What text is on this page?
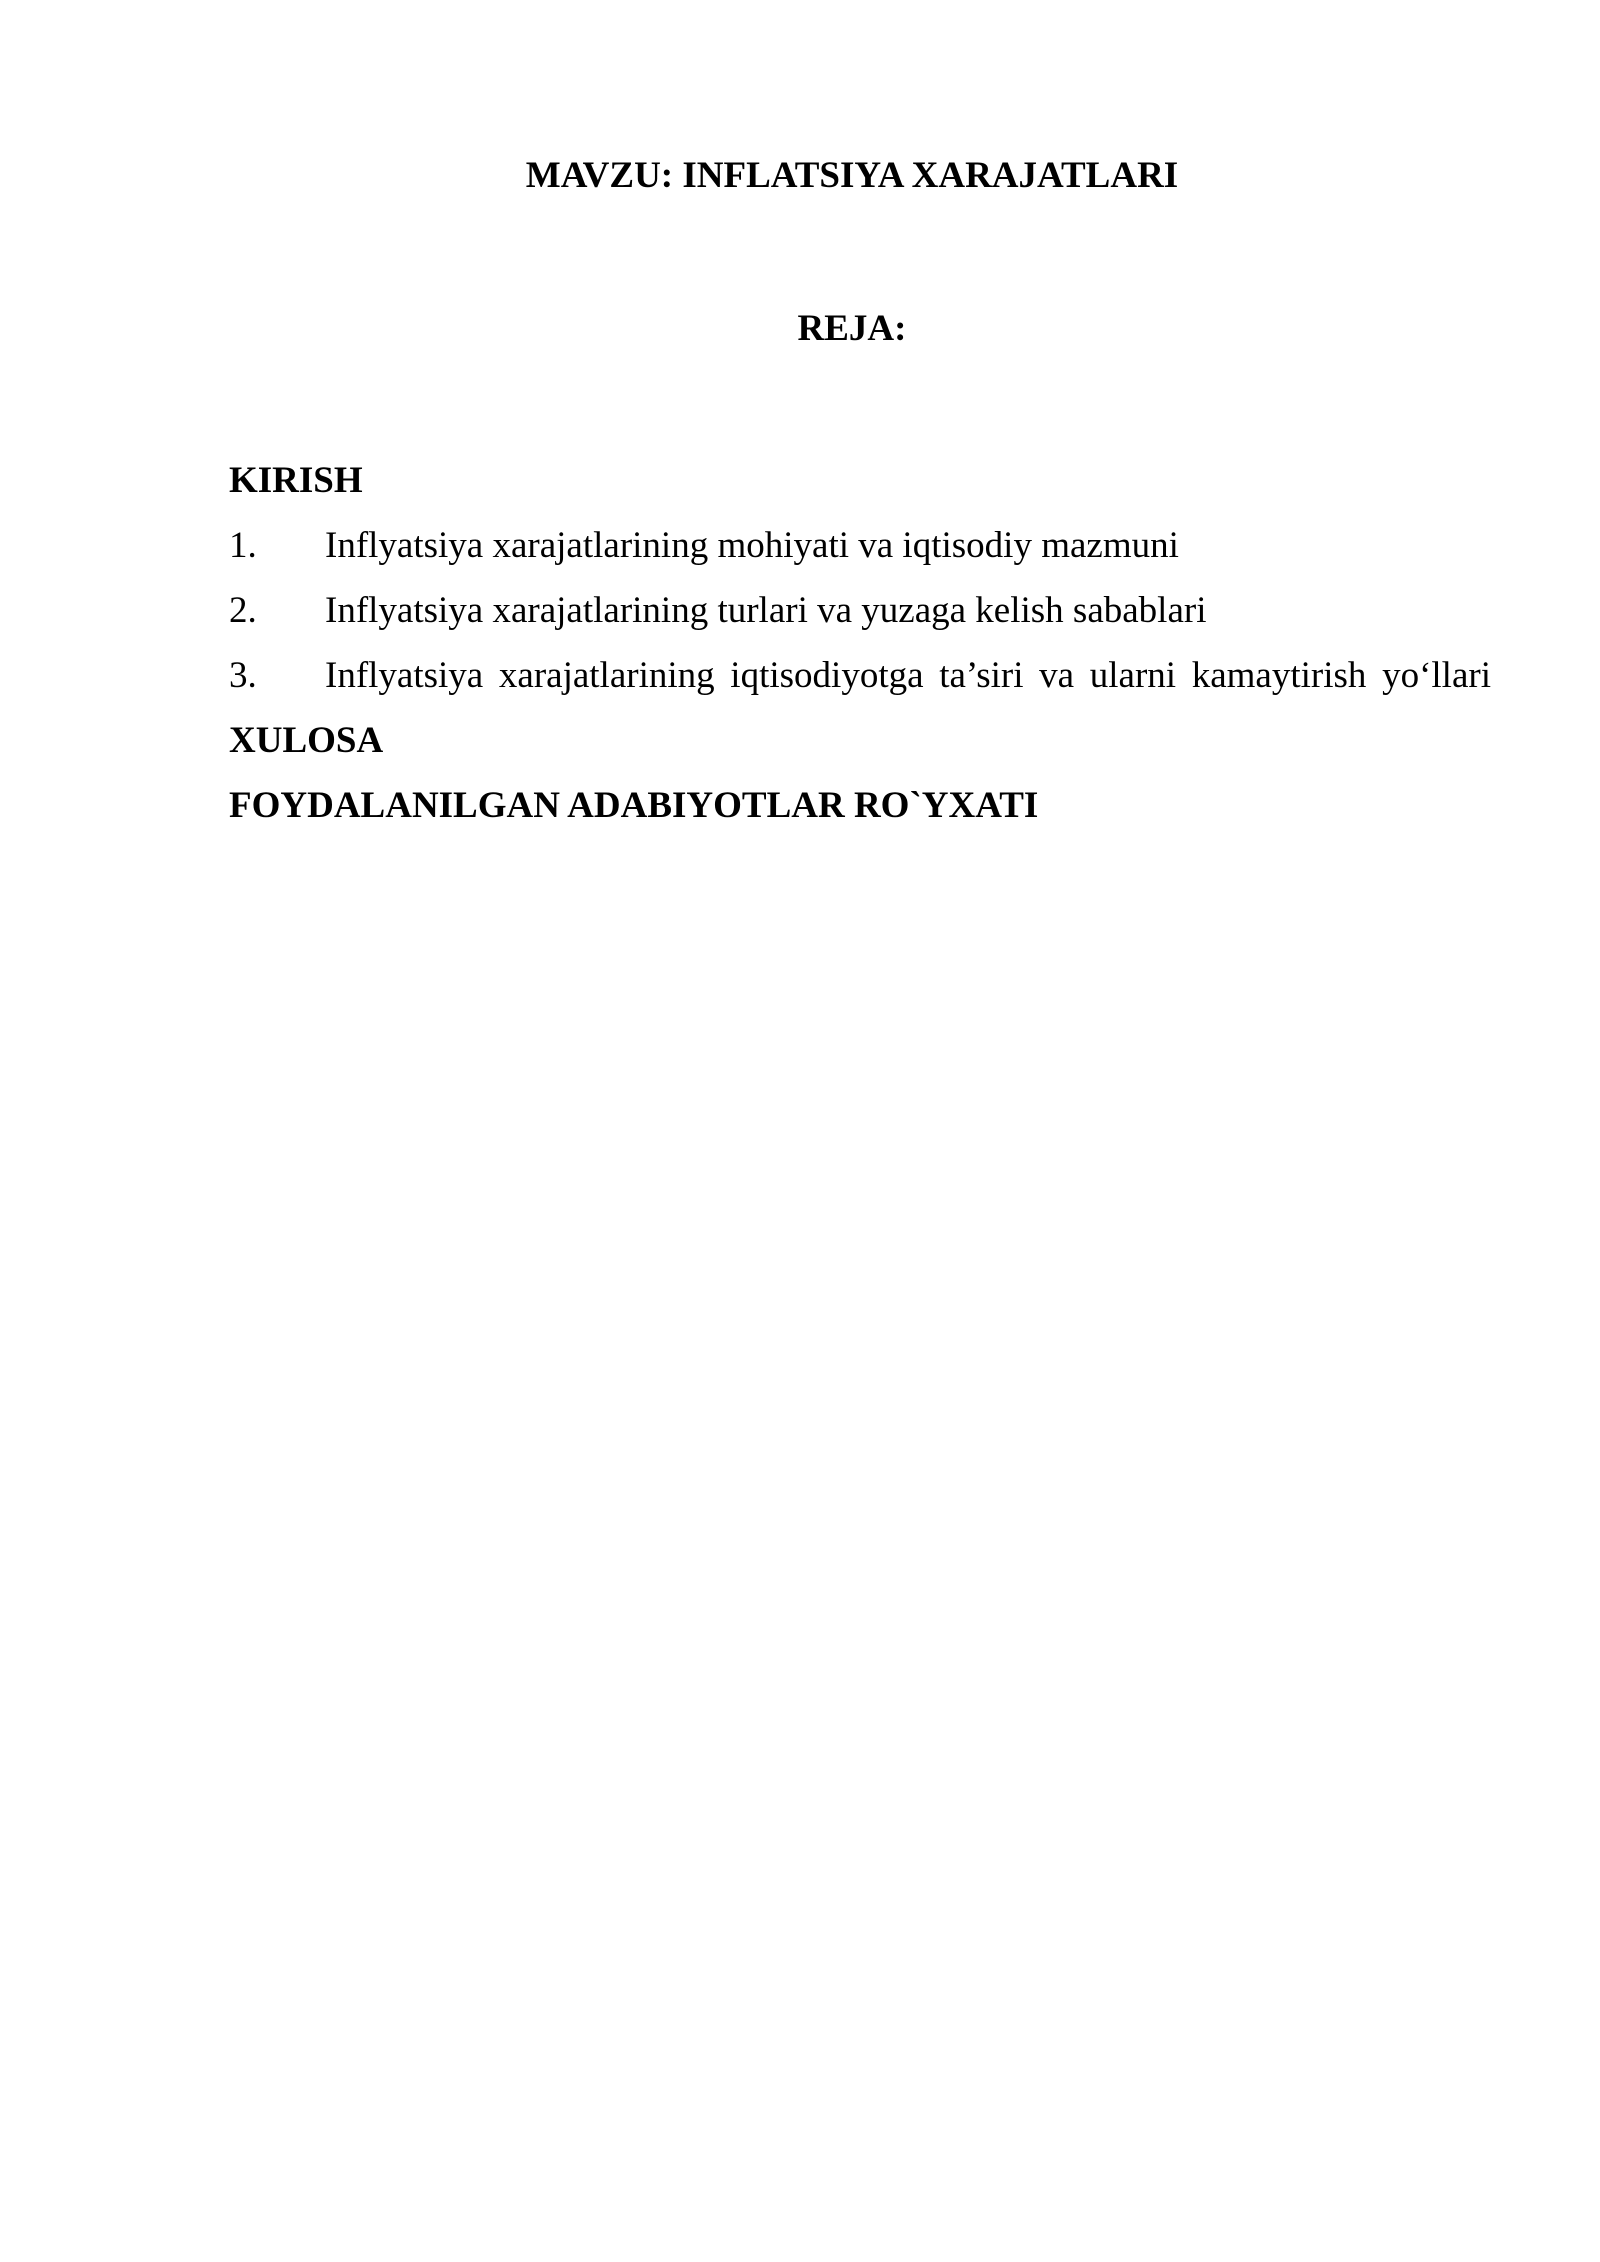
MAVZU: INFLATSIYA XARAJATLARI
REJA:
KIRISH
1.	Inflyatsiya xarajatlarining mohiyati va iqtisodiy mazmuni
2.	Inflyatsiya xarajatlarining turlari va yuzaga kelish sabablari
3.	Inflyatsiya xarajatlarining iqtisodiyotga ta’siri va ularni kamaytirish yo‘llari
XULOSA
FOYDALANILGAN ADABIYOTLAR RO`YXATI
